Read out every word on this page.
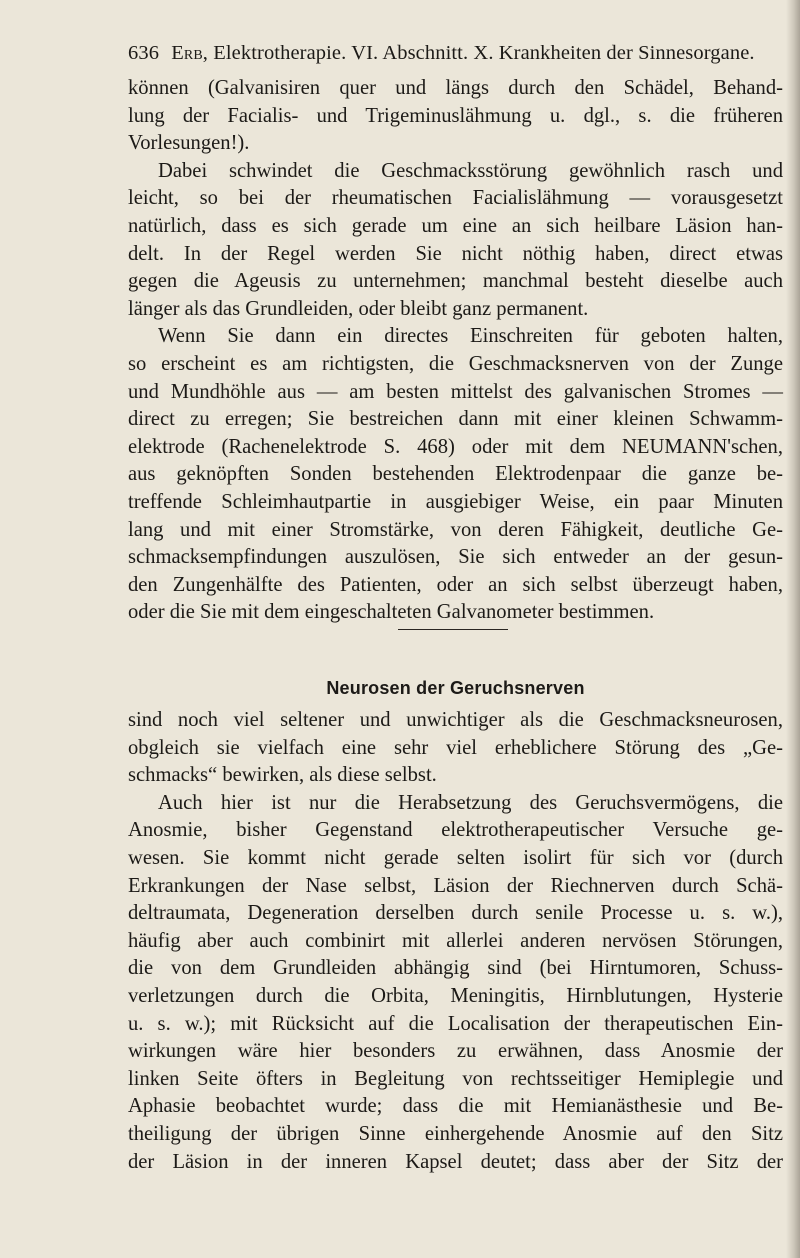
636 Erb, Elektrotherapie. VI. Abschnitt. X. Krankheiten der Sinnesorgane.
können (Galvanisiren quer und längs durch den Schädel, Behand-
lung der Facialis- und Trigeminuslähmung u. dgl., s. die früheren
Vorlesungen!).
Dabei schwindet die Geschmacksstörung gewöhnlich rasch und
leicht, so bei der rheumatischen Facialislähmung — vorausgesetzt
natürlich, dass es sich gerade um eine an sich heilbare Läsion han-
delt. In der Regel werden Sie nicht nöthig haben, direct etwas
gegen die Ageusis zu unternehmen; manchmal besteht dieselbe auch
länger als das Grundleiden, oder bleibt ganz permanent.
Wenn Sie dann ein directes Einschreiten für geboten halten,
so erscheint es am richtigsten, die Geschmacksnerven von der Zunge
und Mundhöhle aus — am besten mittelst des galvanischen Stromes —
direct zu erregen; Sie bestreichen dann mit einer kleinen Schwamm-
elektrode (Rachenelektrode S. 468) oder mit dem NEUMANN'schen,
aus geknöpften Sonden bestehenden Elektrodenpaar die ganze be-
treffende Schleimhautpartie in ausgiebiger Weise, ein paar Minuten
lang und mit einer Stromstärke, von deren Fähigkeit, deutliche Ge-
schmacksempfindungen auszulösen, Sie sich entweder an der gesun-
den Zungenhälfte des Patienten, oder an sich selbst überzeugt haben,
oder die Sie mit dem eingeschalteten Galvanometer bestimmen.
Neurosen der Geruchsnerven
sind noch viel seltener und unwichtiger als die Geschmacksneurosen,
obgleich sie vielfach eine sehr viel erheblichere Störung des „Ge-
schmacks“ bewirken, als diese selbst.
Auch hier ist nur die Herabsetzung des Geruchsvermögens, die
Anosmie, bisher Gegenstand elektrotherapeutischer Versuche ge-
wesen. Sie kommt nicht gerade selten isolirt für sich vor (durch
Erkrankungen der Nase selbst, Läsion der Riechnerven durch Schä-
deltraumata, Degeneration derselben durch senile Processe u. s. w.),
häufig aber auch combinirt mit allerlei anderen nervösen Störungen,
die von dem Grundleiden abhängig sind (bei Hirntumoren, Schuss-
verletzungen durch die Orbita, Meningitis, Hirnblutungen, Hysterie
u. s. w.); mit Rücksicht auf die Localisation der therapeutischen Ein-
wirkungen wäre hier besonders zu erwähnen, dass Anosmie der
linken Seite öfters in Begleitung von rechtsseitiger Hemiplegie und
Aphasie beobachtet wurde; dass die mit Hemianästhesie und Be-
theiligung der übrigen Sinne einhergehende Anosmie auf den Sitz
der Läsion in der inneren Kapsel deutet; dass aber der Sitz der
